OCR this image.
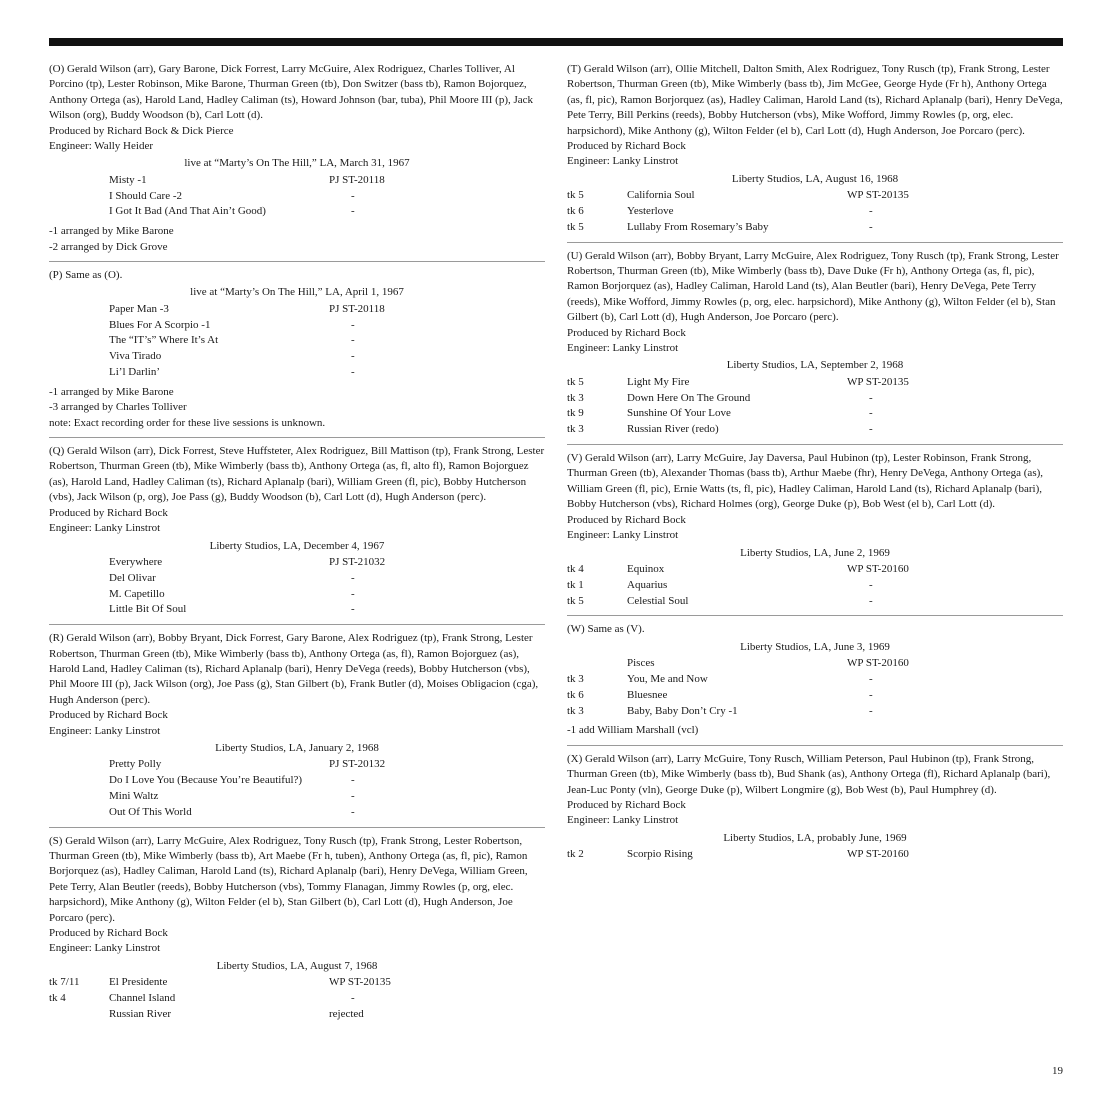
(O) Gerald Wilson (arr), Gary Barone, Dick Forrest, Larry McGuire, Alex Rodriguez, Charles Tolliver, Al Porcino (tp), Lester Robinson, Mike Barone, Thurman Green (tb), Don Switzer (bass tb), Ramon Bojorquez, Anthony Ortega (as), Harold Land, Hadley Caliman (ts), Howard Johnson (bar, tuba), Phil Moore III (p), Jack Wilson (org), Buddy Woodson (b), Carl Lott (d).

Produced by Richard Bock & Dick Pierce
Engineer: Wally Heider
live at “Marty’s On The Hill,” LA, March 31, 1967
Misty -1	PJ ST-20118
I Should Care -2	-
I Got It Bad (And That Ain’t Good)	-
-1 arranged by Mike Barone
-2 arranged by Dick Grove

(P) Same as (O).

live at “Marty’s On The Hill,” LA, April 1, 1967
Paper Man -3	PJ ST-20118
Blues For A Scorpio -1	-
The “IT’s” Where It’s At	-
Viva Tirado	-
Li’l Darlin’	-
-1 arranged by Mike Barone
-3 arranged by Charles Tolliver
note: Exact recording order for these live sessions is unknown.

(Q) Gerald Wilson (arr), Dick Forrest, Steve Huffsteter, Alex Rodriguez, Bill Mattison (tp), Frank Strong, Lester Robertson, Thurman Green (tb), Mike Wimberly (bass tb), Anthony Ortega (as, fl, alto fl), Ramon Bojorguez (as), Harold Land, Hadley Caliman (ts), Richard Aplanalp (bari), William Green (fl, pic), Bobby Hutcherson (vbs), Jack Wilson (p, org), Joe Pass (g), Buddy Woodson (b), Carl Lott (d), Hugh Anderson (perc).

Produced by Richard Bock
Engineer: Lanky Linstrot
Liberty Studios, LA, December 4, 1967
Everywhere	PJ ST-21032
Del Olivar	-
M. Capetillo	-
Little Bit Of Soul	-

(R) Gerald Wilson (arr), Bobby Bryant, Dick Forrest, Gary Barone, Alex Rodriguez (tp), Frank Strong, Lester Robertson, Thurman Green (tb), Mike Wimberly (bass tb), Anthony Ortega (as, fl), Ramon Bojorguez (as), Harold Land, Hadley Caliman (ts), Richard Aplanalp (bari), Henry DeVega (reeds), Bobby Hutcherson (vbs), Phil Moore III (p), Jack Wilson (org), Joe Pass (g), Stan Gilbert (b), Frank Butler (d), Moises Obligacion (cga), Hugh Anderson (perc).

Produced by Richard Bock
Engineer: Lanky Linstrot
Liberty Studios, LA, January 2, 1968
Pretty Polly	PJ ST-20132
Do I Love You (Because You’re Beautiful?)	-
Mini Waltz	-
Out Of This World	-

(S) Gerald Wilson (arr), Larry McGuire, Alex Rodriguez, Tony Rusch (tp), Frank Strong, Lester Robertson, Thurman Green (tb), Mike Wimberly (bass tb), Art Maebe (Fr h, tuben), Anthony Ortega (as, fl, pic), Ramon Borjorquez (as), Hadley Caliman, Harold Land (ts), Richard Aplanalp (bari), Henry DeVega, William Green, Pete Terry, Alan Beutler (reeds), Bobby Hutcherson (vbs), Tommy Flanagan, Jimmy Rowles (p, org, elec. harpsichord), Mike Anthony (g), Wilton Felder (el b), Stan Gilbert (b), Carl Lott (d), Hugh Anderson, Joe Porcaro (perc).

Produced by Richard Bock
Engineer: Lanky Linstrot
Liberty Studios, LA, August 7, 1968
tk 7/11	El Presidente	WP ST-20135
tk 4	Channel Island	-
Russian River	rejected

(T) Gerald Wilson (arr), Ollie Mitchell, Dalton Smith, Alex Rodriguez, Tony Rusch (tp), Frank Strong, Lester Robertson, Thurman Green (tb), Mike Wimberly (bass tb), Jim McGee, George Hyde (Fr h), Anthony Ortega (as, fl, pic), Ramon Borjorquez (as), Hadley Caliman, Harold Land (ts), Richard Aplanalp (bari), Henry DeVega, Pete Terry, Bill Perkins (reeds), Bobby Hutcherson (vbs), Mike Wofford, Jimmy Rowles (p, org, elec. harpsichord), Mike Anthony (g), Wilton Felder (el b), Carl Lott (d), Hugh Anderson, Joe Porcaro (perc).

Produced by Richard Bock
Engineer: Lanky Linstrot
Liberty Studios, LA, August 16, 1968
tk 5	California Soul	WP ST-20135
tk 6	Yesterlove	-
tk 5	Lullaby From Rosemary’s Baby	-

(U) Gerald Wilson (arr), Bobby Bryant, Larry McGuire, Alex Rodriguez, Tony Rusch (tp), Frank Strong, Lester Robertson, Thurman Green (tb), Mike Wimberly (bass tb), Dave Duke (Fr h), Anthony Ortega (as, fl, pic), Ramon Borjorquez (as), Hadley Caliman, Harold Land (ts), Alan Beutler (bari), Henry DeVega, Pete Terry (reeds), Mike Wofford, Jimmy Rowles (p, org, elec. harpsichord), Mike Anthony (g), Wilton Felder (el b), Stan Gilbert (b), Carl Lott (d), Hugh Anderson, Joe Porcaro (perc).

Produced by Richard Bock
Engineer: Lanky Linstrot
Liberty Studios, LA, September 2, 1968
tk 5	Light My Fire	WP ST-20135
tk 3	Down Here On The Ground	-
tk 9	Sunshine Of Your Love	-
tk 3	Russian River (redo)	-

(V) Gerald Wilson (arr), Larry McGuire, Jay Daversa, Paul Hubinon (tp), Lester Robinson, Frank Strong, Thurman Green (tb), Alexander Thomas (bass tb), Arthur Maebe (fhr), Henry DeVega, Anthony Ortega (as), William Green (fl, pic), Ernie Watts (ts, fl, pic), Hadley Caliman, Harold Land (ts), Richard Aplanalp (bari), Bobby Hutcherson (vbs), Richard Holmes (org), George Duke (p), Bob West (el b), Carl Lott (d).

Produced by Richard Bock
Engineer: Lanky Linstrot
Liberty Studios, LA, June 2, 1969
tk 4	Equinox	WP ST-20160
tk 1	Aquarius	-
tk 5	Celestial Soul	-

(W) Same as (V).

Liberty Studios, LA, June 3, 1969
Pisces	WP ST-20160
tk 3	You, Me and Now	-
tk 6	Bluesnee	-
tk 3	Baby, Baby Don’t Cry -1	-
-1 add William Marshall (vcl)

(X) Gerald Wilson (arr), Larry McGuire, Tony Rusch, William Peterson, Paul Hubinon (tp), Frank Strong, Thurman Green (tb), Mike Wimberly (bass tb), Bud Shank (as), Anthony Ortega (fl), Richard Aplanalp (bari), Jean-Luc Ponty (vln), George Duke (p), Wilbert Longmire (g), Bob West (b), Paul Humphrey (d).

Produced by Richard Bock
Engineer: Lanky Linstrot
Liberty Studios, LA, probably June, 1969
tk 2	Scorpio Rising	WP ST-20160
19
